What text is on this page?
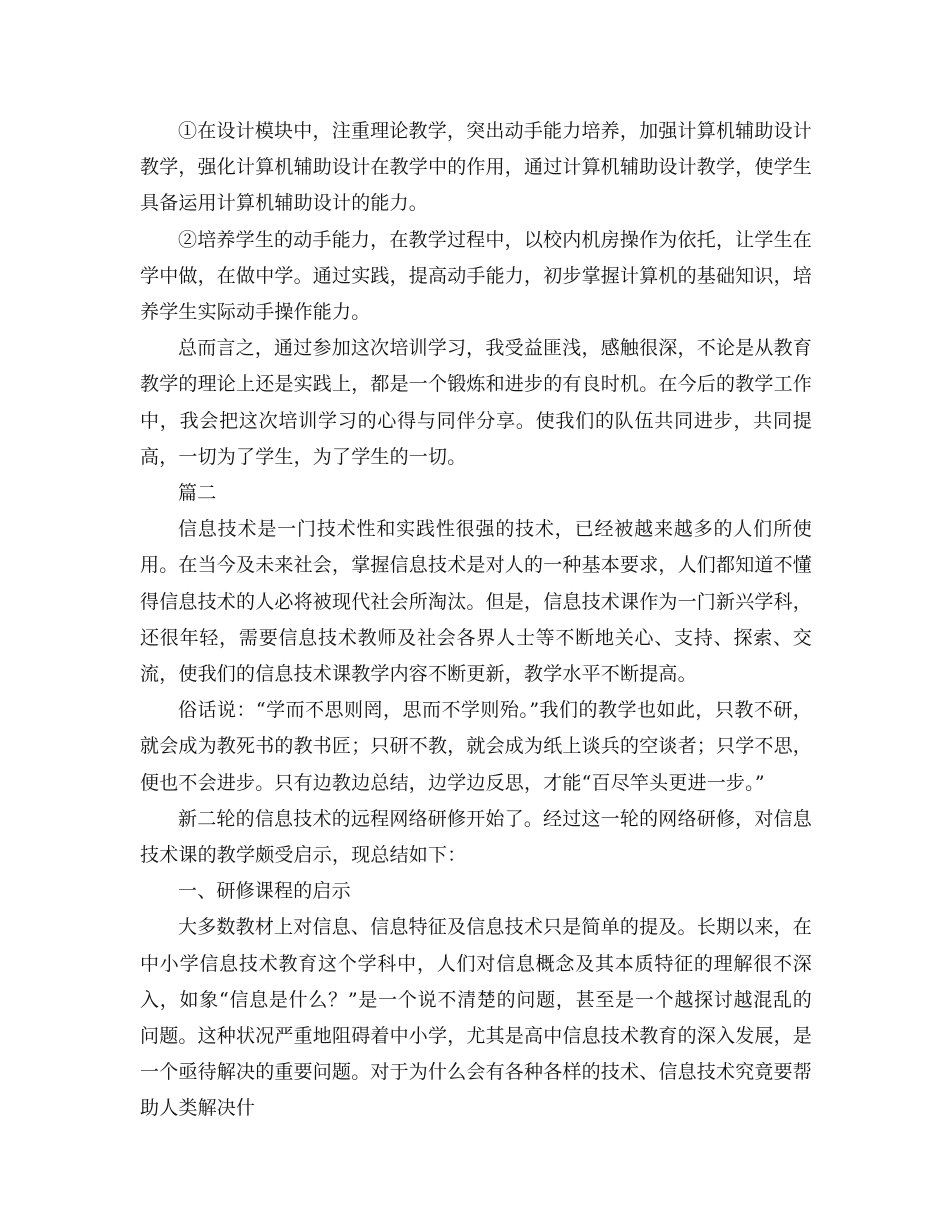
①在设计模块中，注重理论教学，突出动手能力培养，加强计算机辅助设计教学，强化计算机辅助设计在教学中的作用，通过计算机辅助设计教学，使学生具备运用计算机辅助设计的能力。

②培养学生的动手能力，在教学过程中，以校内机房操作为依托，让学生在学中做，在做中学。通过实践，提高动手能力，初步掌握计算机的基础知识，培养学生实际动手操作能力。

总而言之，通过参加这次培训学习，我受益匪浅，感触很深，不论是从教育教学的理论上还是实践上，都是一个锻炼和进步的有良时机。在今后的教学工作中，我会把这次培训学习的心得与同伴分享。使我们的队伍共同进步，共同提高，一切为了学生，为了学生的一切。

篇二

信息技术是一门技术性和实践性很强的技术，已经被越来越多的人们所使用。在当今及未来社会，掌握信息技术是对人的一种基本要求，人们都知道不懂得信息技术的人必将被现代社会所淘汰。但是，信息技术课作为一门新兴学科，还很年轻，需要信息技术教师及社会各界人士等不断地关心、支持、探索、交流，使我们的信息技术课教学内容不断更新，教学水平不断提高。

俗话说：“学而不思则罔，思而不学则殆。”我们的教学也如此，只教不研，就会成为教死书的教书匠；只研不教，就会成为纸上谈兵的空谈者；只学不思，便也不会进步。只有边教边总结，边学边反思，才能“百尽竿头更进一步。”

新二轮的信息技术的远程网络研修开始了。经过这一轮的网络研修，对信息技术课的教学颇受启示，现总结如下：

一、研修课程的启示

大多数教材上对信息、信息特征及信息技术只是简单的提及。长期以来，在中小学信息技术教育这个学科中，人们对信息概念及其本质特征的理解很不深入，如象“信息是什么？”是一个说不清楚的问题，甚至是一个越探讨越混乱的问题。这种状况严重地阻碍着中小学，尤其是高中信息技术教育的深入发展，是一个亟待解决的重要问题。对于为什么会有各种各样的技术、信息技术究竟要帮助人类解决什
